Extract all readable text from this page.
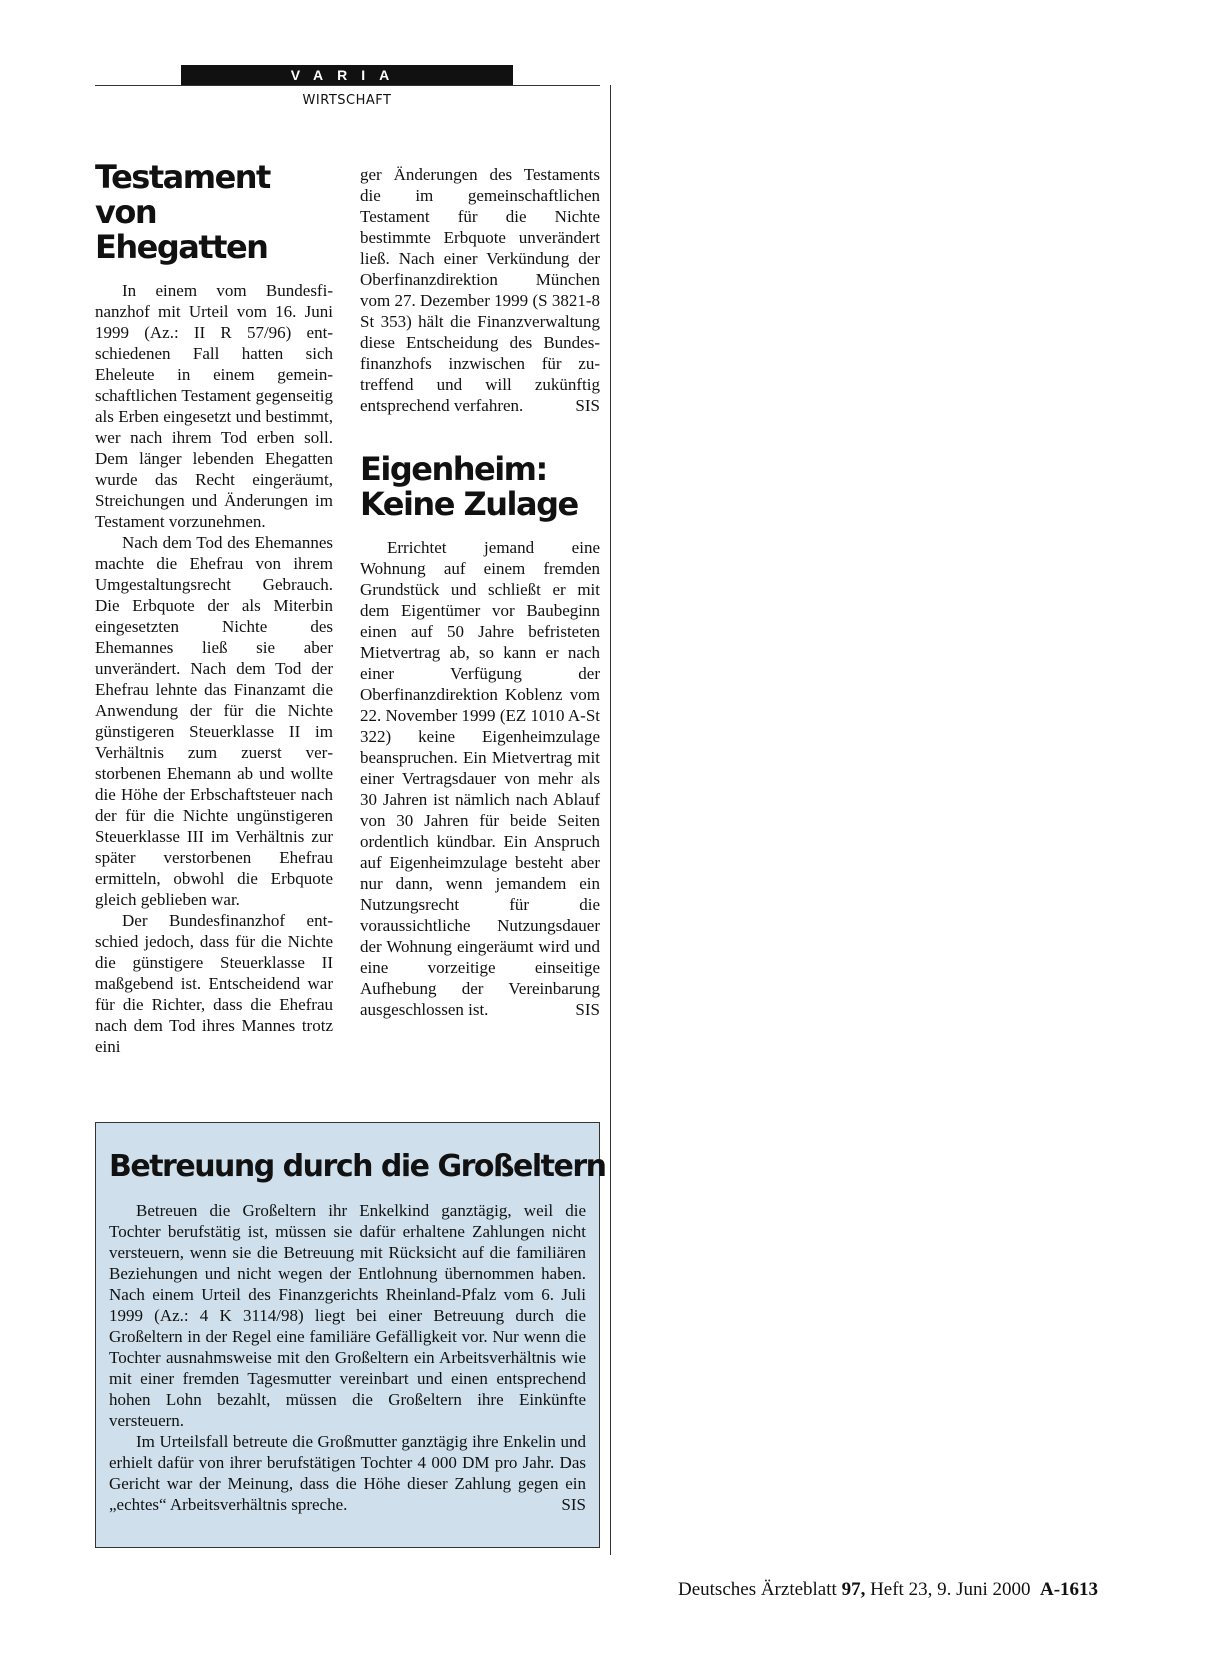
VARIA
WIRTSCHAFT
Testament von Ehegatten

In einem vom Bundesfinanzhof mit Urteil vom 16. Juni 1999 (Az.: II R 57/96) entschiedenen Fall hatten sich Eheleute in einem gemeinschaftlichen Testament gegenseitig als Erben eingesetzt und bestimmt, wer nach ihrem Tod erben soll. Dem länger lebenden Ehegatten wurde das Recht eingeräumt, Streichungen und Änderungen im Testament vorzunehmen.

Nach dem Tod des Ehemannes machte die Ehefrau von ihrem Umgestaltungsrecht Gebrauch. Die Erbquote der als Miterbin eingesetzten Nichte des Ehemannes ließ sie aber unverändert. Nach dem Tod der Ehefrau lehnte das Finanzamt die Anwendung der für die Nichte günstigeren Steuerklasse II im Verhältnis zum zuerst verstorbenen Ehemann ab und wollte die Höhe der Erbschaftsteuer nach der für die Nichte ungünstigeren Steuerklasse III im Verhältnis zur später verstorbenen Ehefrau ermitteln, obwohl die Erbquote gleich geblieben war.

Der Bundesfinanzhof entschied jedoch, dass für die Nichte die günstigere Steuerklasse II maßgebend ist. Entscheidend war für die Richter, dass die Ehefrau nach dem Tod ihres Mannes trotz eini

ger Änderungen des Testaments die im gemeinschaftlichen Testament für die Nichte bestimmte Erbquote unverändert ließ. Nach einer Verkündung der Oberfinanzdirektion München vom 27. Dezember 1999 (S 3821-8 St 353) hält die Finanzverwaltung diese Entscheidung des Bundesfinanzhofs inzwischen für zutreffend und will zukünftig entsprechend verfahren.	SIS

Eigenheim: Keine Zulage

Errichtet jemand eine Wohnung auf einem fremden Grundstück und schließt er mit dem Eigentümer vor Baubeginn einen auf 50 Jahre befristeten Mietvertrag ab, so kann er nach einer Verfügung der Oberfinanzdirektion Koblenz vom 22. November 1999 (EZ 1010 A-St 322) keine Eigenheimzulage beanspruchen. Ein Mietvertrag mit einer Vertragsdauer von mehr als 30 Jahren ist nämlich nach Ablauf von 30 Jahren für beide Seiten ordentlich kündbar. Ein Anspruch auf Eigenheimzulage besteht aber nur dann, wenn jemandem ein Nutzungsrecht für die voraussichtliche Nutzungsdauer der Wohnung eingeräumt wird und eine vorzeitige einseitige Aufhebung der Vereinbarung ausgeschlossen ist.	SIS

Betreuung durch die Großeltern

Betreuen die Großeltern ihr Enkelkind ganztägig, weil die Tochter berufstätig ist, müssen sie dafür erhaltene Zahlungen nicht versteuern, wenn sie die Betreuung mit Rücksicht auf die familiären Beziehungen und nicht wegen der Entlohnung übernommen haben. Nach einem Urteil des Finanzgerichts Rheinland-Pfalz vom 6. Juli 1999 (Az.: 4 K 3114/98) liegt bei einer Betreuung durch die Großeltern in der Regel eine familiäre Gefälligkeit vor. Nur wenn die Tochter ausnahmsweise mit den Großeltern ein Arbeitsverhältnis wie mit einer fremden Tagesmutter vereinbart und einen entsprechend hohen Lohn bezahlt, müssen die Großeltern ihre Einkünfte versteuern.

Im Urteilsfall betreute die Großmutter ganztägig ihre Enkelin und erhielt dafür von ihrer berufstätigen Tochter 4 000 DM pro Jahr. Das Gericht war der Meinung, dass die Höhe dieser Zahlung gegen ein „echtes“ Arbeitsverhältnis spreche.	SIS

Deutsches Ärzteblatt 97, Heft 23, 9. Juni 2000 A-1613
